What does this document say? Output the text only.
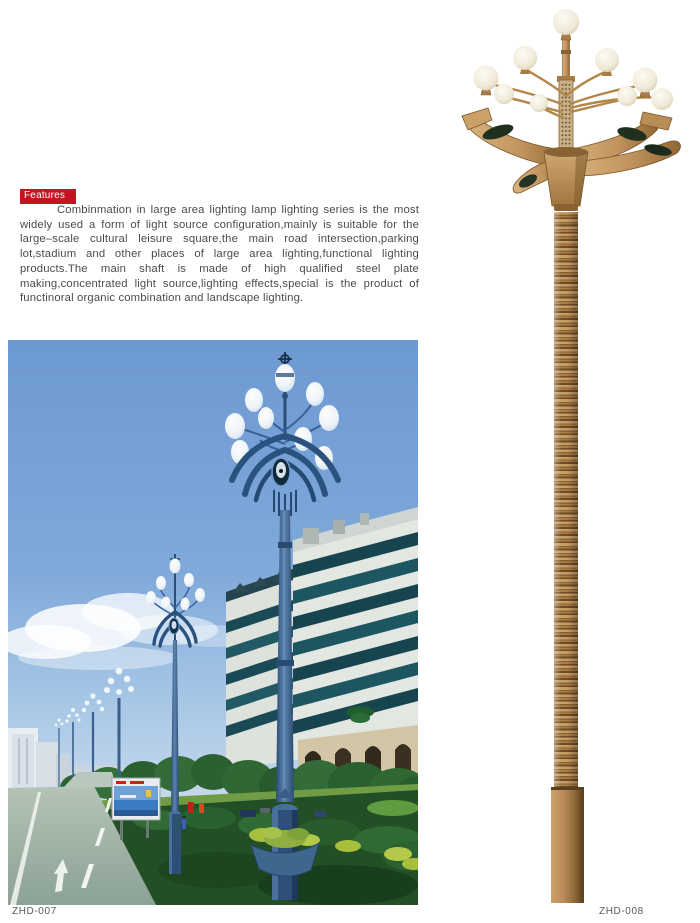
Features

Combinmation in large area lighting lamp lighting series is the most widely used a form of light source configuration,mainly is suitable for the large–scale cultural leisure square,the main road intersection,parking lot,stadium and other places of large area lighting,functional lighting products.The main shaft is made of high qualified steel plate making,concentrated light source,lighting effects,special is the product of functinoral organic combination and landscape lighting.

ZHD-007	ZHD-008
